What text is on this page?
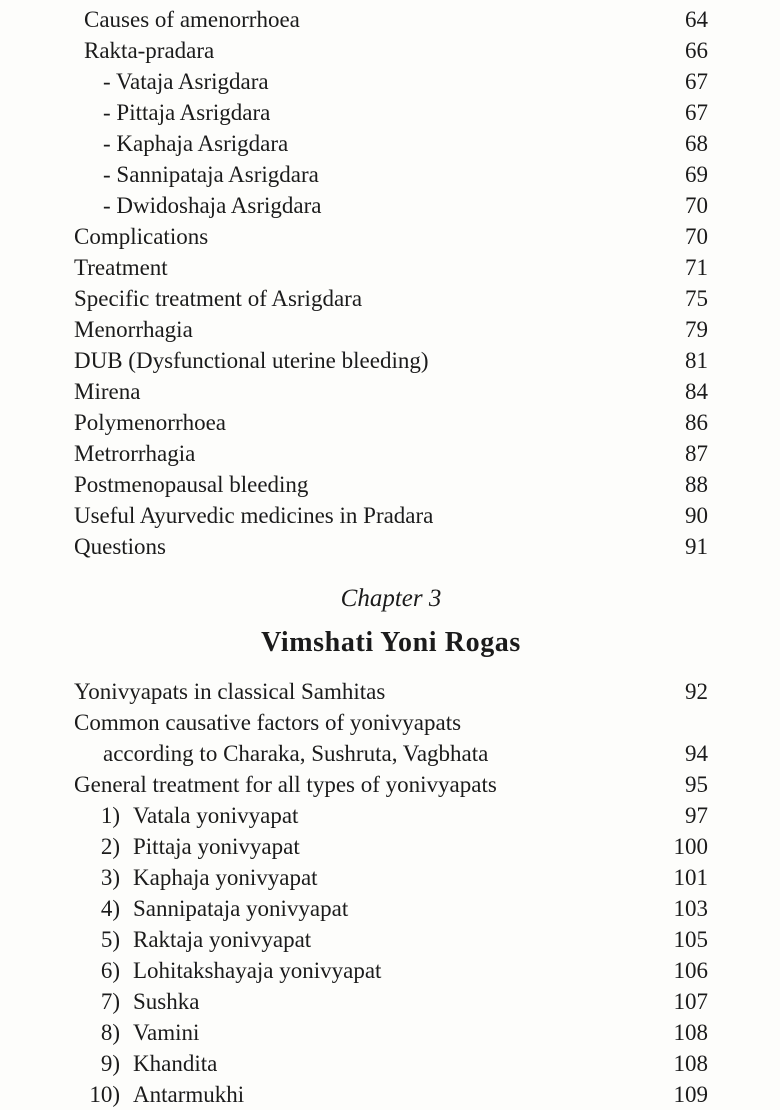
Causes of amenorrhoea	64
Rakta-pradara	66
- Vataja Asrigdara	67
- Pittaja Asrigdara	67
- Kaphaja Asrigdara	68
- Sannipataja Asrigdara	69
- Dwidoshaja Asrigdara	70
Complications	70
Treatment	71
Specific treatment of Asrigdara	75
Menorrhagia	79
DUB (Dysfunctional uterine bleeding)	81
Mirena	84
Polymenorrhoea	86
Metrorrhagia	87
Postmenopausal bleeding	88
Useful Ayurvedic medicines in Pradara	90
Questions	91
Chapter 3
Vimshati Yoni Rogas
Yonivyapats in classical Samhitas	92
Common causative factors of yonivyapats
according to Charaka, Sushruta, Vagbhata	94
General treatment for all types of yonivyapats	95
1) Vatala yonivyapat	97
2) Pittaja yonivyapat	100
3) Kaphaja yonivyapat	101
4) Sannipataja yonivyapat	103
5) Raktaja yonivyapat	105
6) Lohitakshayaja yonivyapat	106
7) Sushka	107
8) Vamini	108
9) Khandita	108
10) Antarmukhi	109
